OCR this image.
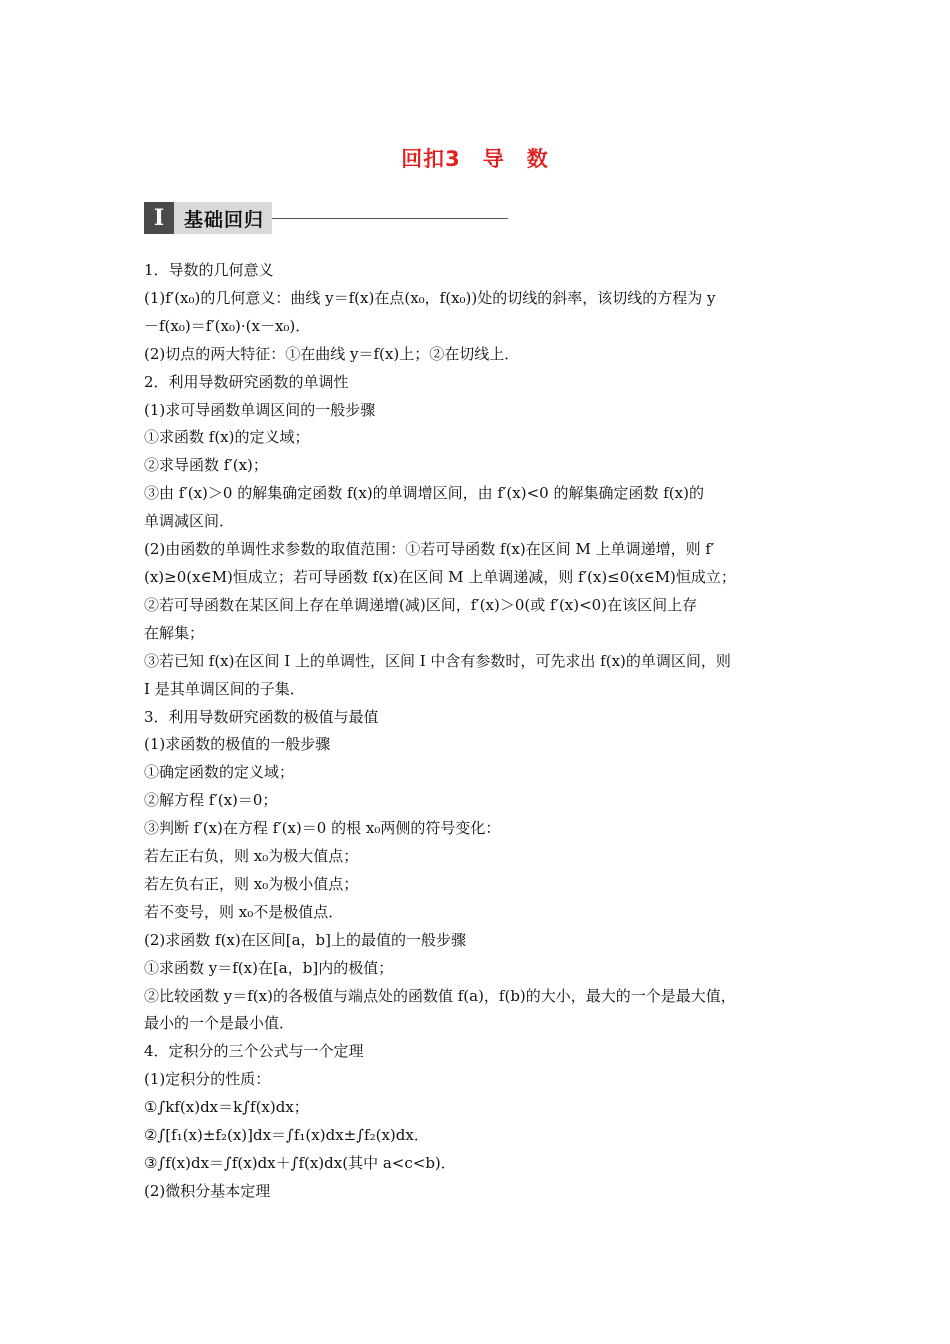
回扣3　导　数
I	基础回归

1．导数的几何意义

(1)f′(x₀)的几何意义：曲线 y＝f(x)在点(x₀，f(x₀))处的切线的斜率，该切线的方程为 y

－f(x₀)＝f′(x₀)·(x－x₀)．

(2)切点的两大特征：①在曲线 y＝f(x)上；②在切线上．

2．利用导数研究函数的单调性

(1)求可导函数单调区间的一般步骤

①求函数 f(x)的定义域；

②求导函数 f′(x)；

③由 f′(x)＞0 的解集确定函数 f(x)的单调增区间，由 f′(x)<0 的解集确定函数 f(x)的

单调减区间．

(2)由函数的单调性求参数的取值范围：①若可导函数 f(x)在区间 M 上单调递增，则 f′

(x)≥0(x∈M)恒成立；若可导函数 f(x)在区间 M 上单调递减，则 f′(x)≤0(x∈M)恒成立；

②若可导函数在某区间上存在单调递增(减)区间，f′(x)＞0(或 f′(x)<0)在该区间上存

在解集；

③若已知 f(x)在区间 I 上的单调性，区间 I 中含有参数时，可先求出 f(x)的单调区间，则

I 是其单调区间的子集．

3．利用导数研究函数的极值与最值

(1)求函数的极值的一般步骤

①确定函数的定义域；

②解方程 f′(x)＝0；

③判断 f′(x)在方程 f′(x)＝0 的根 x₀两侧的符号变化：

若左正右负，则 x₀为极大值点；

若左负右正，则 x₀为极小值点；

若不变号，则 x₀不是极值点．

(2)求函数 f(x)在区间[a，b]上的最值的一般步骤

①求函数 y＝f(x)在[a，b]内的极值；

②比较函数 y＝f(x)的各极值与端点处的函数值 f(a)，f(b)的大小，最大的一个是最大值，

最小的一个是最小值．

4．定积分的三个公式与一个定理

(1)定积分的性质：

①∫kf(x)dx＝k∫f(x)dx；

②∫[f₁(x)±f₂(x)]dx＝∫f₁(x)dx±∫f₂(x)dx．

③∫f(x)dx＝∫f(x)dx＋∫f(x)dx(其中 a<c<b)．

(2)微积分基本定理
